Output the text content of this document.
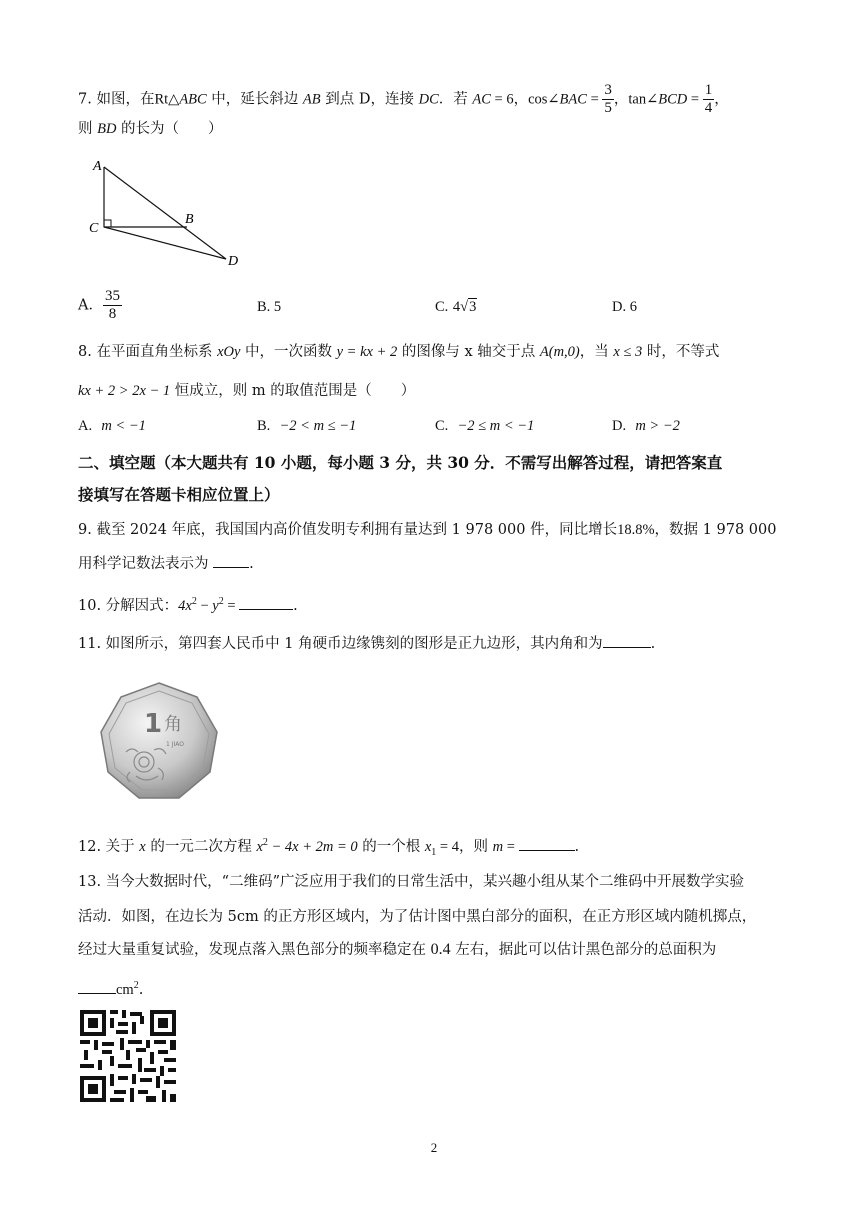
7. 如图，在Rt△ABC 中，延长斜边 AB 到点 D，连接 DC．若 AC = 6，cos∠BAC = $\frac{3}{5}$ ，tan∠BCD = $\frac{1}{4}$ ，
则 BD 的长为（　　）
A
C
B
D
A． $\frac{35}{8}$	B. 5	C. 4√3	D. 6
8. 在平面直角坐标系 xOy 中，一次函数 y = kx + 2 的图像与 x 轴交于点 A(m,0)，当 x ≤ 3 时，不等式
kx + 2 > 2x − 1 恒成立，则 m 的取值范围是（　　）
A. m < −1	B. −2 < m ≤ −1	C. −2 ≤ m < −1	D. m > −2
二、填空题（本大题共有 10 小题，每小题 3 分，共 30 分．不需写出解答过程，请把答案直
接填写在答题卡相应位置上）
9. 截至 2024 年底，我国国内高价值发明专利拥有量达到 1 978 000 件，同比增长18.8%，数据 1 978 000
用科学记数法表示为 .
10. 分解因式：$4x^2 - y^2$ =	.
11. 如图所示，第四套人民币中 1 角硬币边缘镌刻的图形是正九边形，其内角和为	.
1 角
1 JIAO
12. 关于 x 的一元二次方程 $x^2 - 4x + 2m = 0$ 的一个根 $x_1 = 4$，则 m =	.
13. 当今大数据时代，“二维码”广泛应用于我们的日常生活中，某兴趣小组从某个二维码中开展数学实验
活动．如图，在边长为 5cm 的正方形区域内，为了估计图中黑白部分的面积，在正方形区域内随机掷点，
经过大量重复试验，发现点落入黑色部分的频率稳定在 0.4 左右，据此可以估计黑色部分的总面积为
$cm^2$.
2
